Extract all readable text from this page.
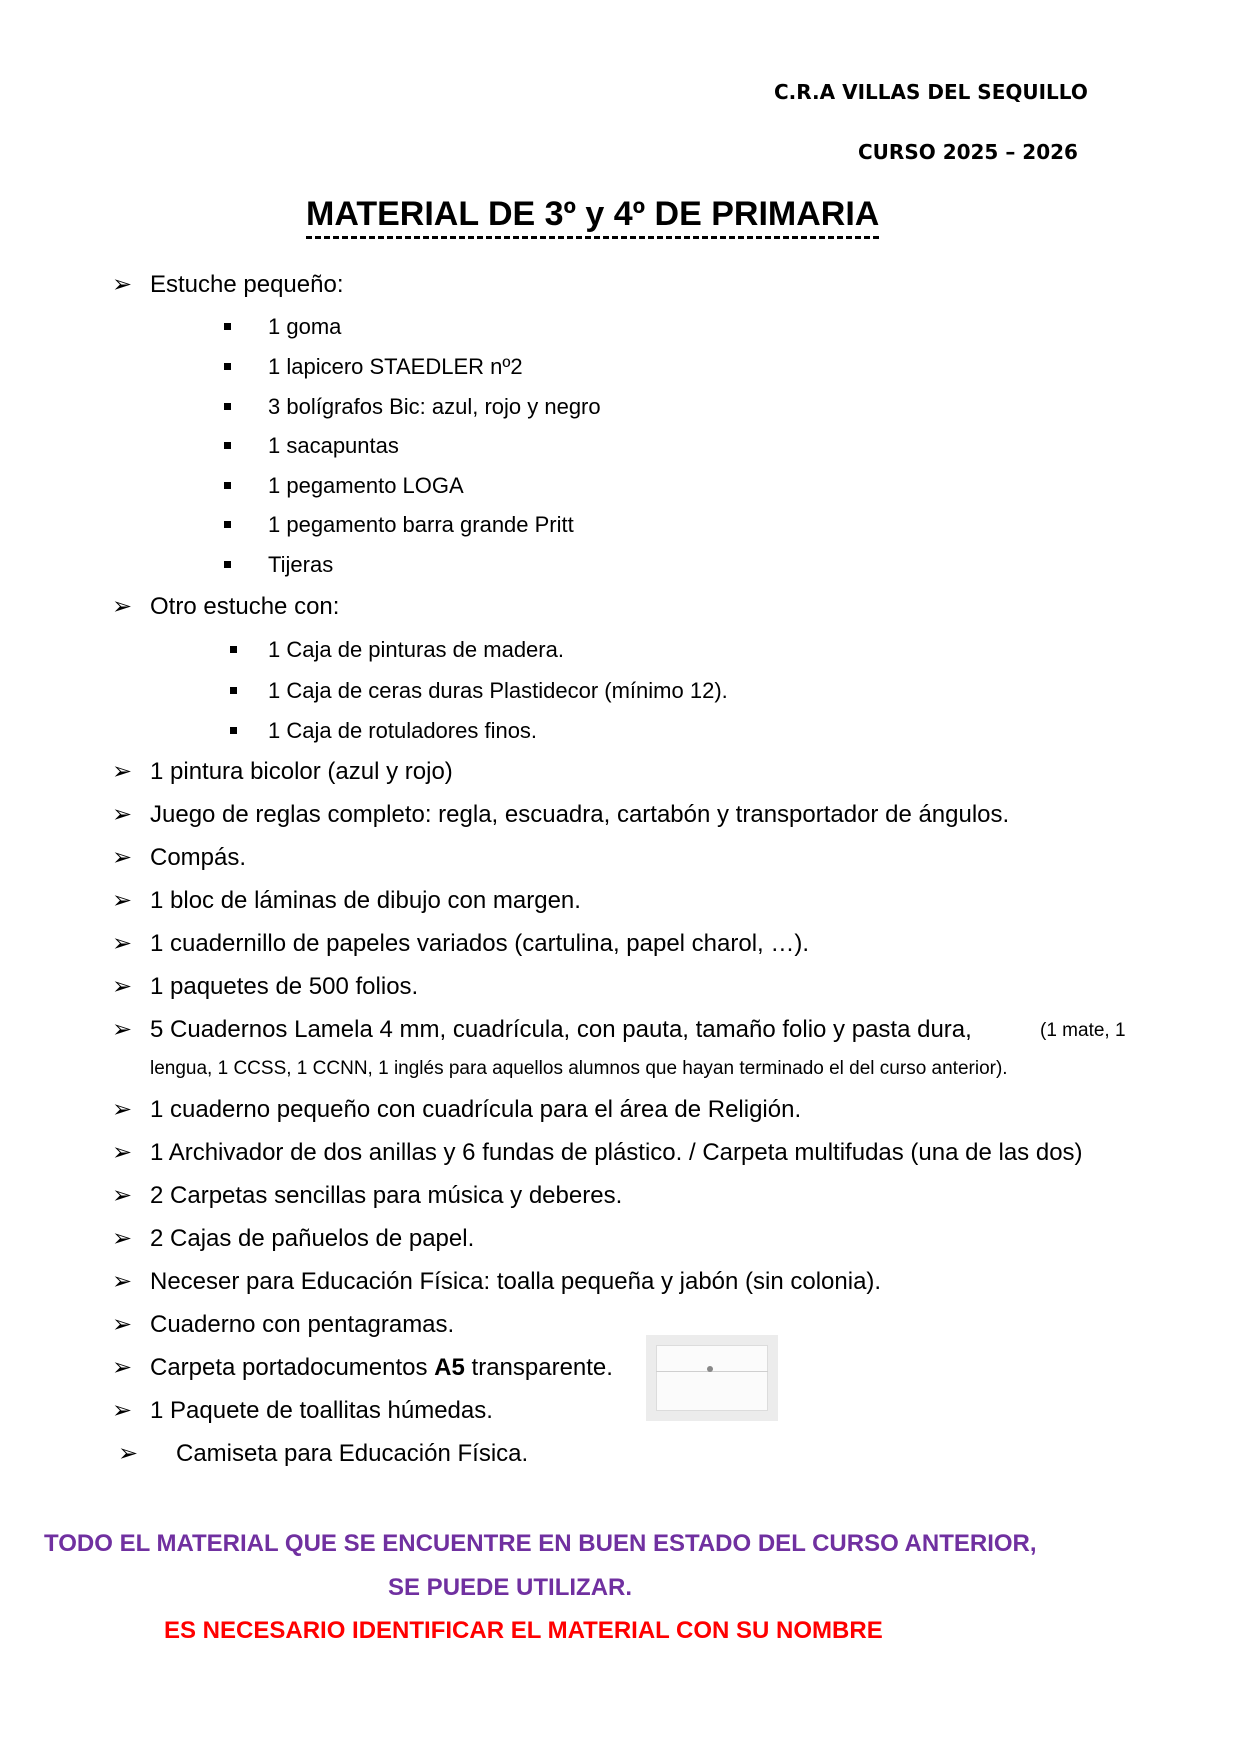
C.R.A VILLAS DEL SEQUILLO
CURSO 2025 – 2026
MATERIAL DE 3º y 4º DE PRIMARIA
➢ Estuche pequeño:
1 goma
1 lapicero STAEDLER nº2
3 bolígrafos Bic: azul, rojo y negro
1 sacapuntas
1 pegamento LOGA
1 pegamento barra grande Pritt
Tijeras
➢ Otro estuche con:
1 Caja de pinturas de madera.
1 Caja de ceras duras Plastidecor (mínimo 12).
1 Caja de rotuladores finos.
➢ 1 pintura bicolor (azul y rojo)
➢ Juego de reglas completo: regla, escuadra, cartabón y transportador de ángulos.
➢ Compás.
➢ 1 bloc de láminas de dibujo con margen.
➢ 1 cuadernillo de papeles variados (cartulina, papel charol, …).
➢ 1 paquetes de 500 folios.
➢ 5 Cuadernos Lamela 4 mm, cuadrícula, con pauta, tamaño folio y pasta dura,	(1 mate, 1
lengua, 1 CCSS, 1 CCNN, 1 inglés para aquellos alumnos que hayan terminado el del curso anterior).
➢ 1 cuaderno pequeño con cuadrícula para el área de Religión.
➢ 1 Archivador de dos anillas y 6 fundas de plástico. / Carpeta multifudas (una de las dos)
➢ 2 Carpetas sencillas para música y deberes.
➢ 2 Cajas de pañuelos de papel.
➢ Neceser para Educación Física: toalla pequeña y jabón (sin colonia).
➢ Cuaderno con pentagramas.
➢ Carpeta portadocumentos A5 transparente.
➢ 1 Paquete de toallitas húmedas.
➢ Camiseta para Educación Física.
TODO EL MATERIAL QUE SE ENCUENTRE EN BUEN ESTADO DEL CURSO ANTERIOR,
SE PUEDE UTILIZAR.
ES NECESARIO IDENTIFICAR EL MATERIAL CON SU NOMBRE
